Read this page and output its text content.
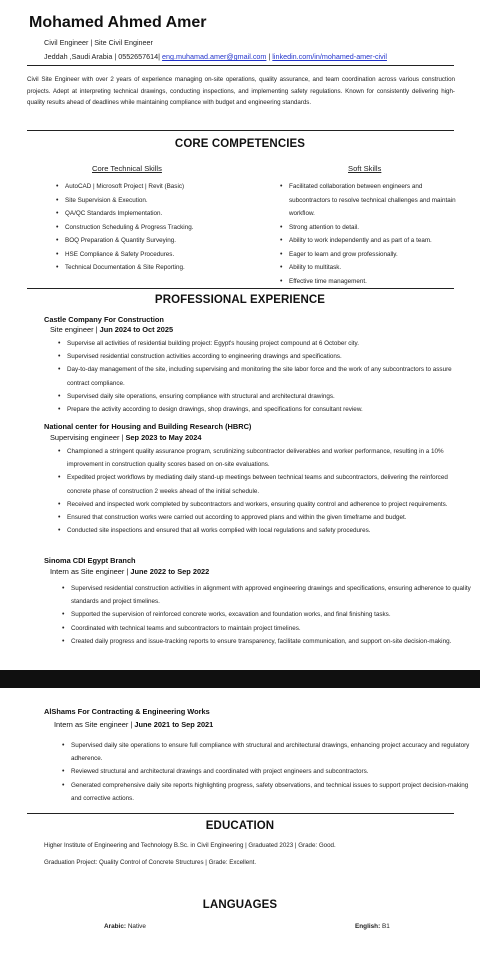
Mohamed Ahmed Amer
Civil Engineer | Site Civil Engineer
Jeddah ,Saudi Arabia | 0552657614| eng.muhamad.amer@gmail.com | linkedin.com/in/mohamed-amer-civil
Civil Site Engineer with over 2 years of experience managing on-site operations, quality assurance, and team coordination across various construction projects. Adept at interpreting technical drawings, conducting inspections, and implementing safety regulations. Known for consistently delivering high-quality results ahead of deadlines while maintaining compliance with budget and engineering standards.
CORE COMPETENCIES
Core Technical Skills	Soft Skills
• AutoCAD | Microsoft Project | Revit (Basic)
• Site Supervision & Execution.
• QA/QC Standards Implementation.
• Construction Scheduling & Progress Tracking.
• BOQ Preparation & Quantity Surveying.
• HSE Compliance & Safety Procedures.
• Technical Documentation & Site Reporting.
• Facilitated collaboration between engineers and subcontractors to resolve technical challenges and maintain workflow.
• Strong attention to detail.
• Ability to work independently and as part of a team.
• Eager to learn and grow professionally.
• Ability to multitask.
• Effective time management.
PROFESSIONAL EXPERIENCE
Castle Company For Construction
Site engineer | Jun 2024 to Oct 2025
• Supervise all activities of residential building project: Egypt's housing project compound at 6 October city.
• Supervised residential construction activities according to engineering drawings and specifications.
• Day-to-day management of the site, including supervising and monitoring the site labor force and the work of any subcontractors to assure contract compliance.
• Supervised daily site operations, ensuring compliance with structural and architectural drawings.
• Prepare the activity according to design drawings, shop drawings, and specifications for consultant review.
National center for Housing and Building Research (HBRC)
Supervising engineer | Sep 2023 to May 2024
• Championed a stringent quality assurance program, scrutinizing subcontractor deliverables and worker performance, resulting in a 10% improvement in construction quality scores based on on-site evaluations.
• Expedited project workflows by mediating daily stand-up meetings between technical teams and subcontractors, delivering the reinforced concrete phase of construction 2 weeks ahead of the initial schedule.
• Received and inspected work completed by subcontractors and workers, ensuring quality control and adherence to project requirements.
• Ensured that construction works were carried out according to approved plans and within the given timeframe and budget.
• Conducted site inspections and ensured that all works complied with local regulations and safety procedures.
Sinoma CDI Egypt Branch
Intern as Site engineer | June 2022 to Sep 2022
• Supervised residential construction activities in alignment with approved engineering drawings and specifications, ensuring adherence to quality standards and project timelines.
• Supported the supervision of reinforced concrete works, excavation and foundation works, and final finishing tasks.
• Coordinated with technical teams and subcontractors to maintain project timelines.
• Created daily progress and issue-tracking reports to ensure transparency, facilitate communication, and support on-site decision-making.
AlShams For Contracting & Engineering Works
Intern as Site engineer | June 2021 to Sep 2021
• Supervised daily site operations to ensure full compliance with structural and architectural drawings, enhancing project accuracy and regulatory adherence.
• Reviewed structural and architectural drawings and coordinated with project engineers and subcontractors.
• Generated comprehensive daily site reports highlighting progress, safety observations, and technical issues to support project decision-making and corrective actions.
EDUCATION
Higher Institute of Engineering and Technology B.Sc. in Civil Engineering | Graduated 2023 | Grade: Good.
Graduation Project: Quality Control of Concrete Structures | Grade: Excellent.
LANGUAGES
Arabic: Native	English: B1
